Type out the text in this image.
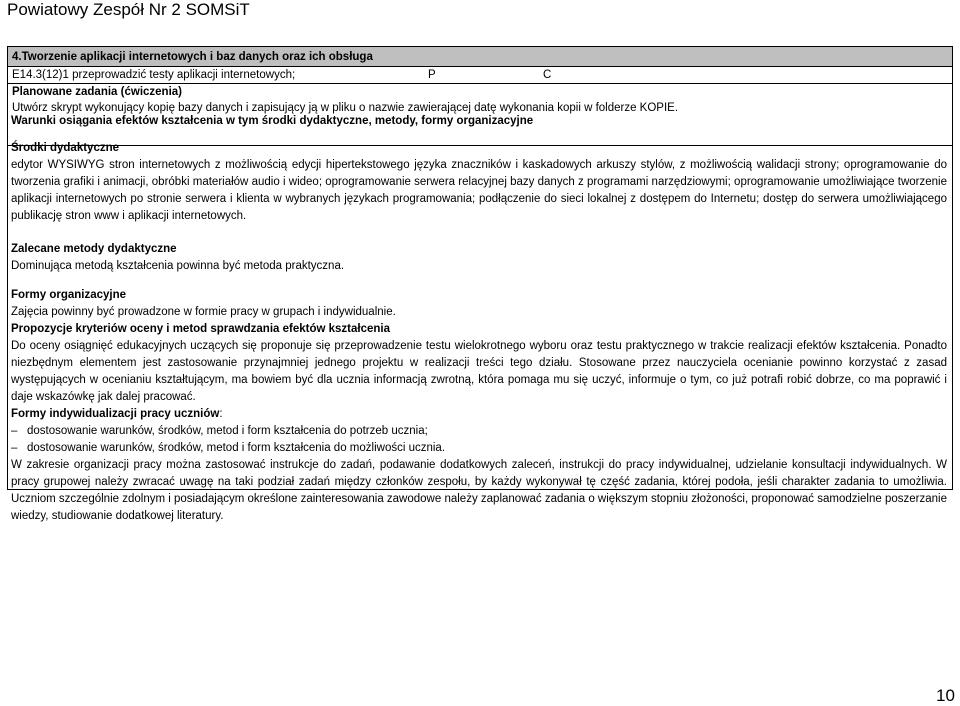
Powiatowy Zespół Nr 2 SOMSiT
4.Tworzenie aplikacji internetowych i baz danych oraz ich obsługa
E14.3(12)1 przeprowadzić testy aplikacji internetowych;	P	C
Planowane zadania (ćwiczenia)
Utwórz skrypt wykonujący kopię bazy danych i zapisujący ją w pliku o nazwie zawierającej datę wykonania kopii w folderze KOPIE.

Warunki osiągania efektów kształcenia w tym środki dydaktyczne, metody, formy organizacyjne

Środki dydaktyczne

edytor WYSIWYG stron internetowych z możliwością edycji hipertekstowego języka znaczników i kaskadowych arkuszy stylów, z możliwością walidacji strony; oprogramowanie do tworzenia grafiki i animacji, obróbki materiałów audio i wideo; oprogramowanie serwera relacyjnej bazy danych z programami narzędziowymi; oprogramowanie umożliwiające tworzenie aplikacji internetowych po stronie serwera i klienta w wybranych językach programowania; podłączenie do sieci lokalnej z dostępem do Internetu; dostęp do serwera umożliwiającego publikację stron www i aplikacji internetowych.

Zalecane metody dydaktyczne

Dominująca metodą kształcenia powinna być metoda praktyczna.

Formy organizacyjne

Zajęcia powinny być prowadzone w formie pracy w grupach i indywidualnie.

Propozycje kryteriów oceny i metod sprawdzania efektów kształcenia

Do oceny osiągnięć edukacyjnych uczących się proponuje się przeprowadzenie testu wielokrotnego wyboru oraz testu praktycznego w trakcie realizacji efektów kształcenia. Ponadto niezbędnym elementem jest zastosowanie przynajmniej jednego projektu w realizacji treści tego działu. Stosowane przez nauczyciela ocenianie powinno korzystać z zasad występujących w ocenianiu kształtującym, ma bowiem być dla ucznia informacją zwrotną, która pomaga mu się uczyć, informuje o tym, co już potrafi robić dobrze, co ma poprawić i daje wskazówkę jak dalej pracować.

Formy indywidualizacji pracy uczniów:

– dostosowanie warunków, środków, metod i form kształcenia do potrzeb ucznia;
– dostosowanie warunków, środków, metod i form kształcenia do możliwości ucznia.

W zakresie organizacji pracy można zastosować instrukcje do zadań, podawanie dodatkowych zaleceń, instrukcji do pracy indywidualnej, udzielanie konsultacji indywidualnych. W pracy grupowej należy zwracać uwagę na taki podział zadań między członków zespołu, by każdy wykonywał tę część zadania, której podoła, jeśli charakter zadania to umożliwia. Uczniom szczególnie zdolnym i posiadającym określone zainteresowania zawodowe należy zaplanować zadania o większym stopniu złożoności, proponować samodzielne poszerzanie wiedzy, studiowanie dodatkowej literatury.

10
